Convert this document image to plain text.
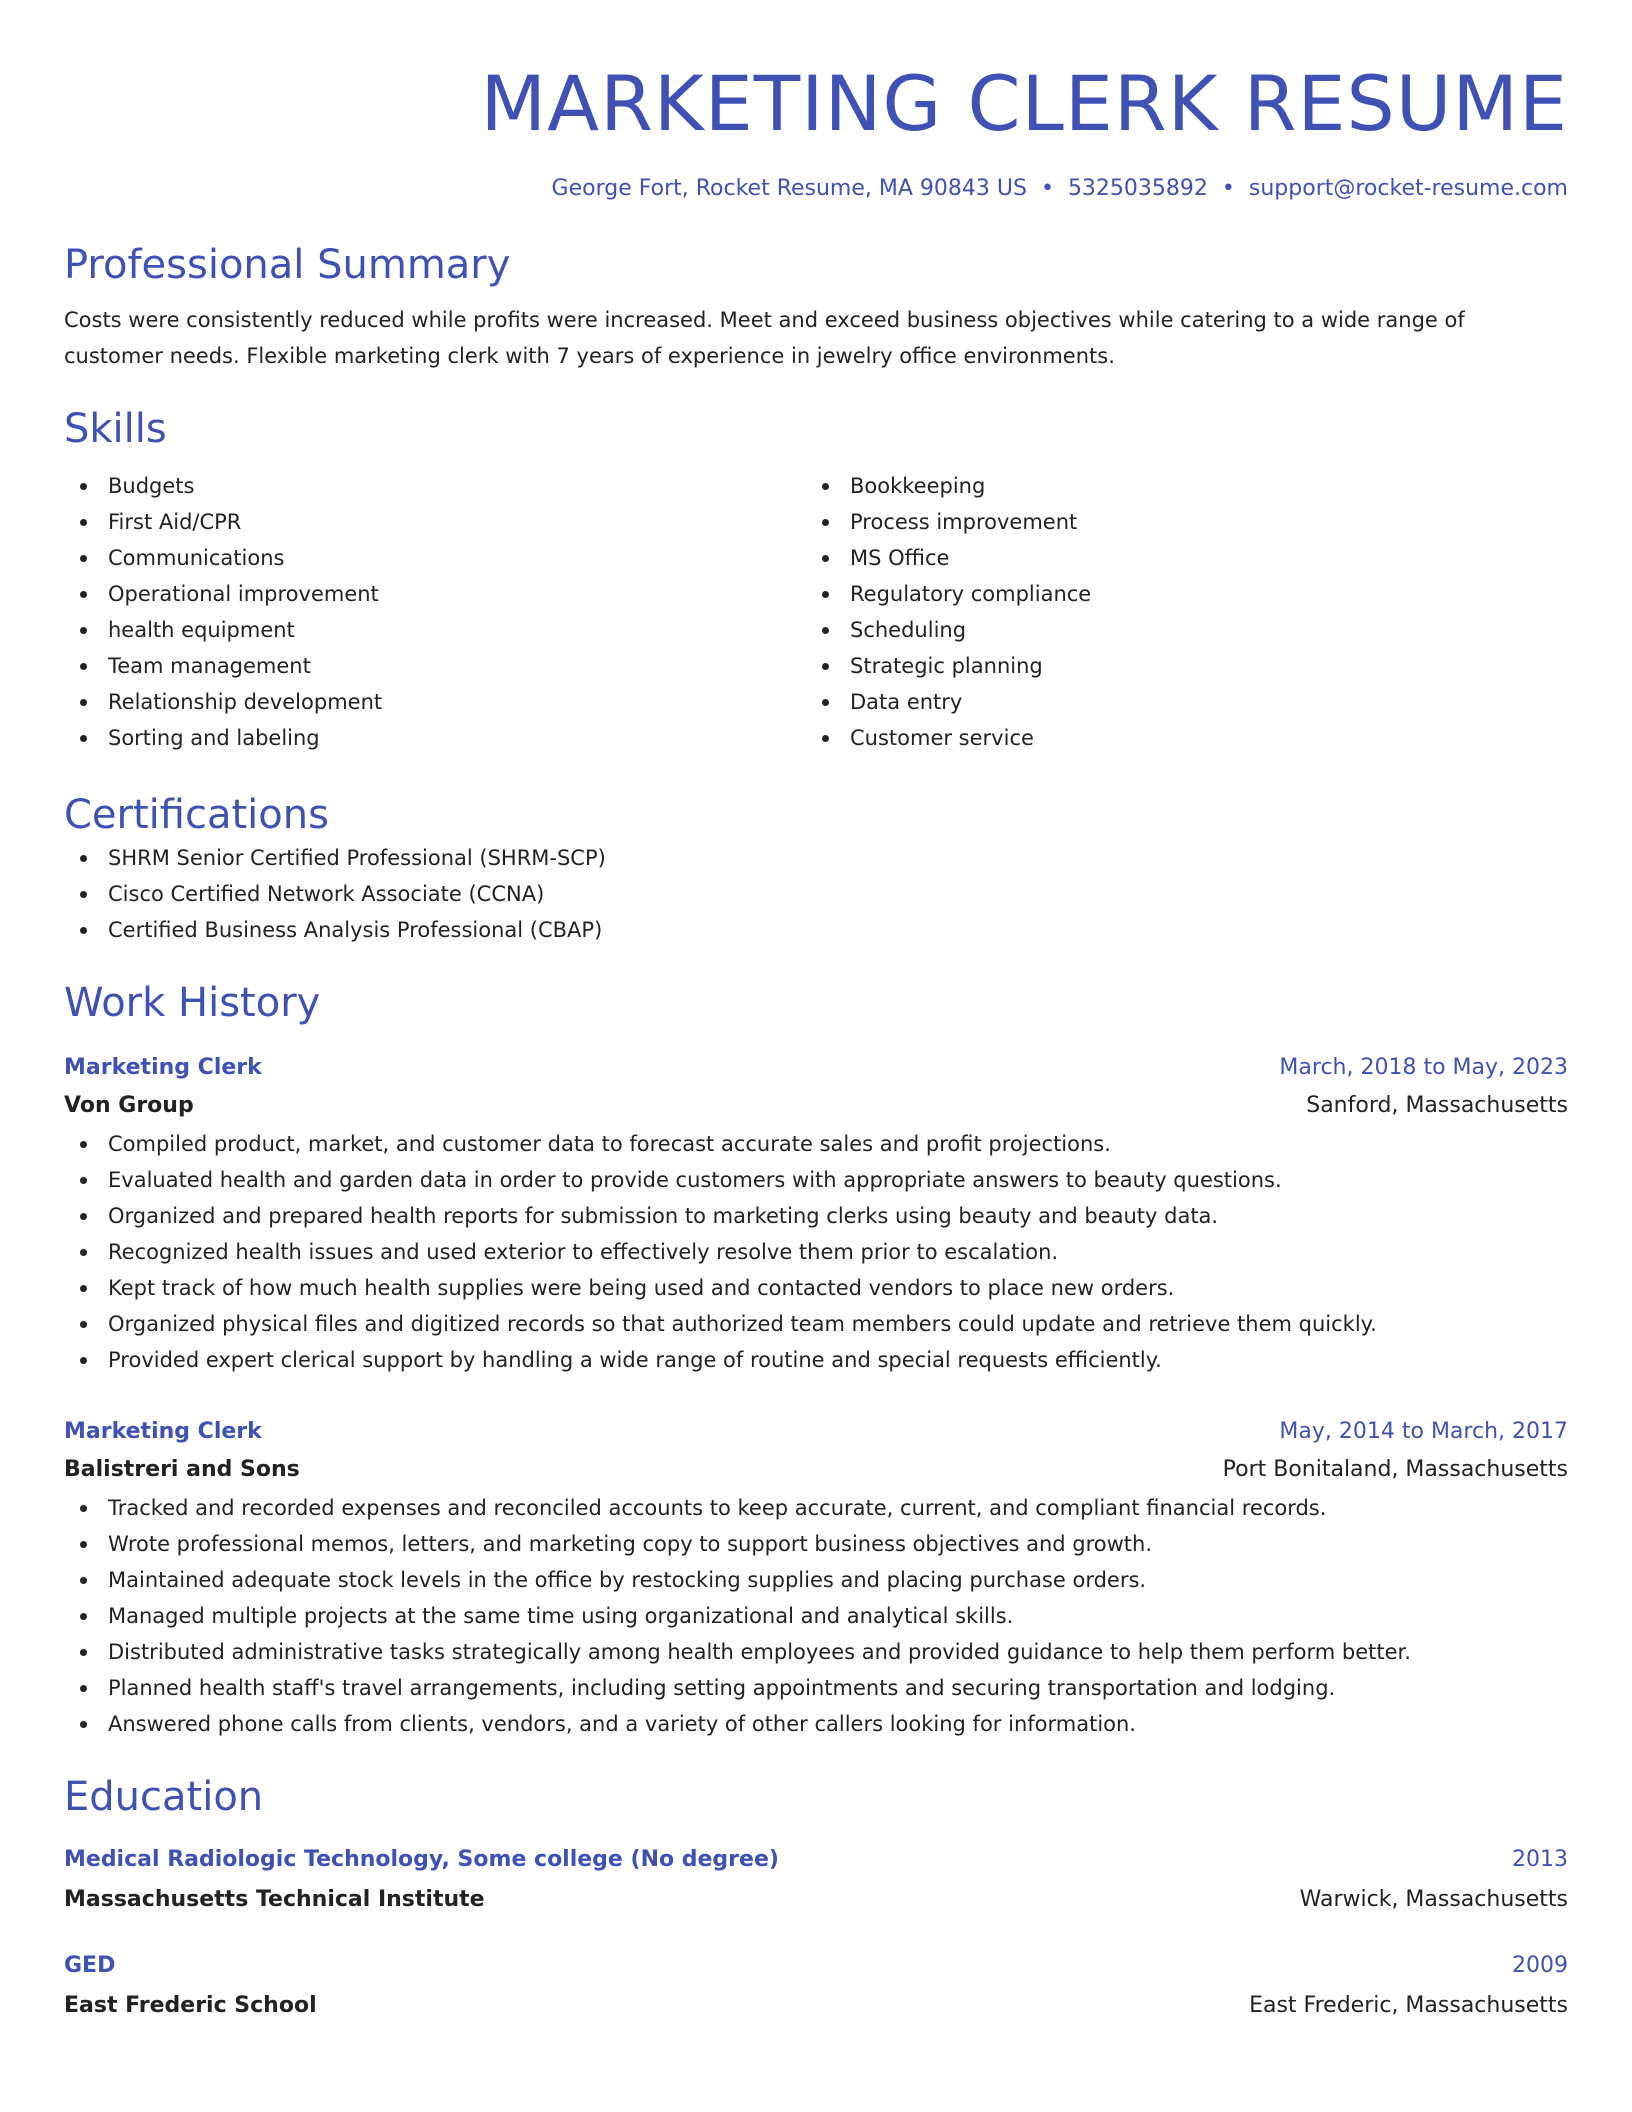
MARKETING CLERK RESUME
George Fort, Rocket Resume, MA 90843 US • 5325035892 • support@rocket-resume.com
Professional Summary
Costs were consistently reduced while profits were increased. Meet and exceed business objectives while catering to a wide range of customer needs. Flexible marketing clerk with 7 years of experience in jewelry office environments.
Skills
Budgets
First Aid/CPR
Communications
Operational improvement
health equipment
Team management
Relationship development
Sorting and labeling
Bookkeeping
Process improvement
MS Office
Regulatory compliance
Scheduling
Strategic planning
Data entry
Customer service
Certifications
SHRM Senior Certified Professional (SHRM-SCP)
Cisco Certified Network Associate (CCNA)
Certified Business Analysis Professional (CBAP)
Work History
Marketing Clerk	March, 2018 to May, 2023
Von Group	Sanford, Massachusetts
Compiled product, market, and customer data to forecast accurate sales and profit projections.
Evaluated health and garden data in order to provide customers with appropriate answers to beauty questions.
Organized and prepared health reports for submission to marketing clerks using beauty and beauty data.
Recognized health issues and used exterior to effectively resolve them prior to escalation.
Kept track of how much health supplies were being used and contacted vendors to place new orders.
Organized physical files and digitized records so that authorized team members could update and retrieve them quickly.
Provided expert clerical support by handling a wide range of routine and special requests efficiently.
Marketing Clerk	May, 2014 to March, 2017
Balistreri and Sons	Port Bonitaland, Massachusetts
Tracked and recorded expenses and reconciled accounts to keep accurate, current, and compliant financial records.
Wrote professional memos, letters, and marketing copy to support business objectives and growth.
Maintained adequate stock levels in the office by restocking supplies and placing purchase orders.
Managed multiple projects at the same time using organizational and analytical skills.
Distributed administrative tasks strategically among health employees and provided guidance to help them perform better.
Planned health staff's travel arrangements, including setting appointments and securing transportation and lodging.
Answered phone calls from clients, vendors, and a variety of other callers looking for information.
Education
Medical Radiologic Technology, Some college (No degree)	2013
Massachusetts Technical Institute	Warwick, Massachusetts
GED	2009
East Frederic School	East Frederic, Massachusetts
